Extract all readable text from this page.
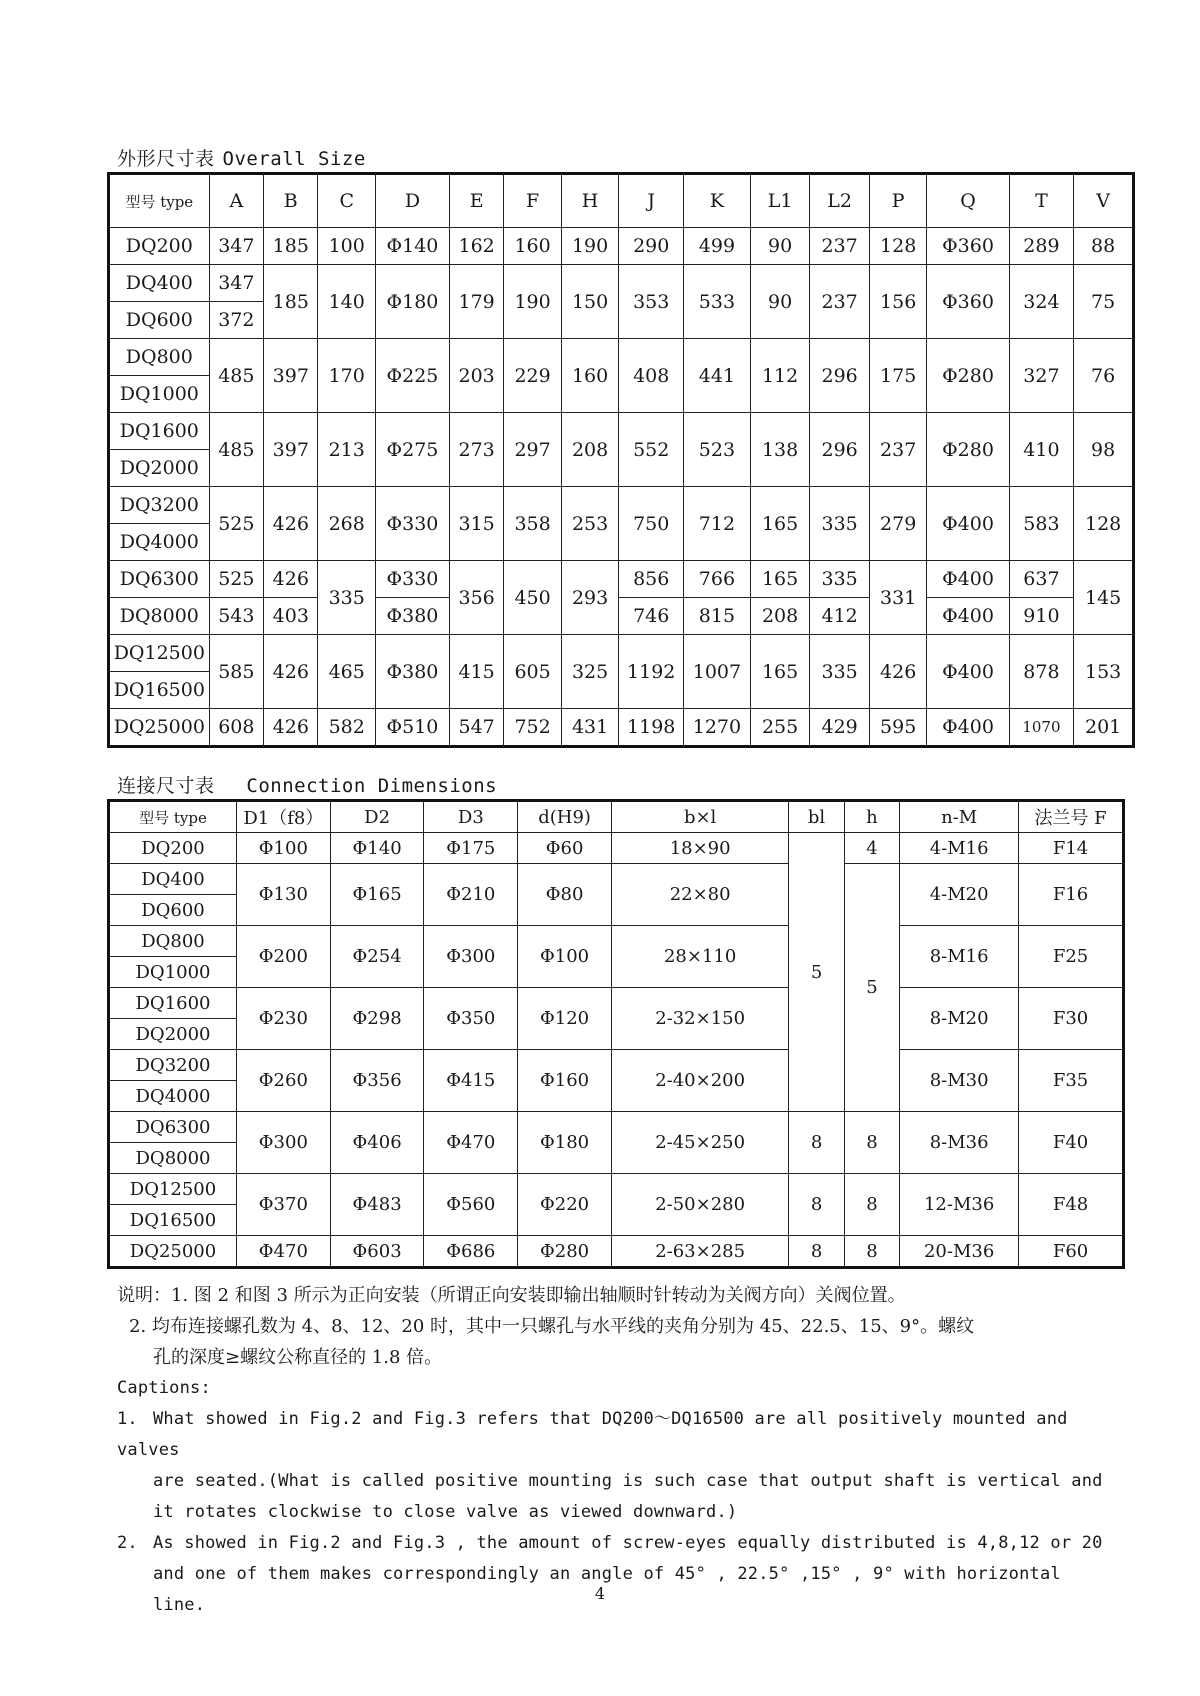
外形尺寸表 Overall Size
型号 type	A	B	C	D	E	F	H	J	K	L1	L2	P	Q	T	V
DQ200	347	185	100	Φ140	162	160	190	290	499	90	237	128	Φ360	289	88
DQ400	347	185	140	Φ180	179	190	150	353	533	90	237	156	Φ360	324	75
DQ600	372														
DQ800	485	397	170	Φ225	203	229	160	408	441	112	296	175	Φ280	327	76
DQ1000															
DQ1600	485	397	213	Φ275	273	297	208	552	523	138	296	237	Φ280	410	98
DQ2000															
DQ3200	525	426	268	Φ330	315	358	253	750	712	165	335	279	Φ400	583	128
DQ4000															
DQ6300	525	426	335	Φ330	356	450	293	856	766	165	335	331	Φ400	637	145
DQ8000	543	403		Φ380				746	815	208	412		Φ400	910	
DQ12500	585	426	465	Φ380	415	605	325	1192	1007	165	335	426	Φ400	878	153
DQ16500															
DQ25000	608	426	582	Φ510	547	752	431	1198	1270	255	429	595	Φ400	1070	201
连接尺寸表 Connection Dimensions
型号 type	D1（f8）	D2	D3	d(H9)	b×l	bl	h	n-M	法兰号 F
DQ200	Φ100	Φ140	Φ175	Φ60	18×90	5	4	4-M16	F14
DQ400	Φ130	Φ165	Φ210	Φ80	22×80		5	4-M20	F16
DQ600									
DQ800	Φ200	Φ254	Φ300	Φ100	28×110			8-M16	F25
DQ1000									
DQ1600	Φ230	Φ298	Φ350	Φ120	2-32×150			8-M20	F30
DQ2000									
DQ3200	Φ260	Φ356	Φ415	Φ160	2-40×200			8-M30	F35
DQ4000									
DQ6300	Φ300	Φ406	Φ470	Φ180	2-45×250	8	8	8-M36	F40
DQ8000									
DQ12500	Φ370	Φ483	Φ560	Φ220	2-50×280	8	8	12-M36	F48
DQ16500									
DQ25000	Φ470	Φ603	Φ686	Φ280	2-63×285	8	8	20-M36	F60

说明：1. 图 2 和图 3 所示为正向安装（所谓正向安装即输出轴顺时针转动为关阀方向）关阀位置。

2. 均布连接螺孔数为 4、8、12、20 时，其中一只螺孔与水平线的夹角分别为 45、22.5、15、9°。螺纹

孔的深度≥螺纹公称直径的 1.8 倍。

Captions:

1. What showed in Fig.2 and Fig.3 refers that DQ200～DQ16500 are all positively mounted and valves

are seated.(What is called positive mounting is such case that output shaft is vertical and

it rotates clockwise to close valve as viewed downward.)

2. As showed in Fig.2 and Fig.3 , the amount of screw-eyes equally distributed is 4,8,12 or 20

and one of them makes correspondingly an angle of 45° , 22.5° ,15° , 9° with horizontal line.

4
